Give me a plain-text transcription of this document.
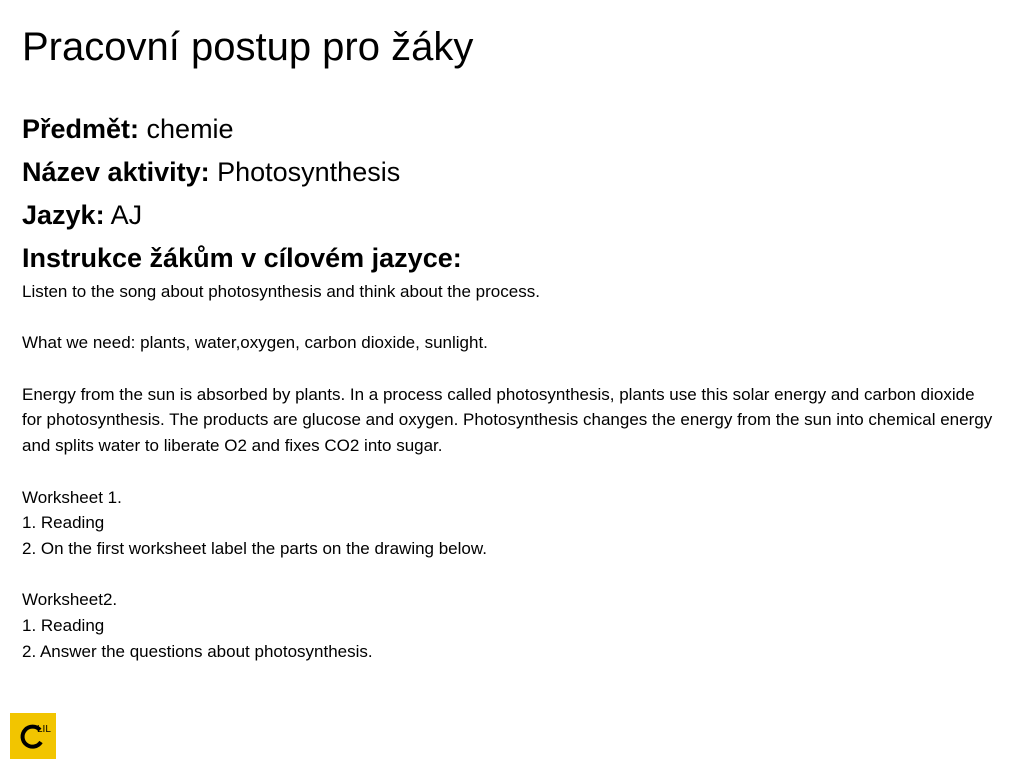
Pracovní postup pro žáky
Předmět: chemie
Název aktivity: Photosynthesis
Jazyk: AJ
Instrukce žákům v cílovém jazyce:

Listen to the song about photosynthesis and think about the process.

What we need: plants, water,oxygen, carbon dioxide, sunlight.

Energy from the sun is absorbed by plants. In a process called photosynthesis, plants use this solar energy and carbon dioxide for photosynthesis. The products are glucose and oxygen. Photosynthesis changes the energy from the sun into chemical energy and splits water to liberate O2 and fixes CO2 into sugar.

Worksheet 1.

1. Reading

2. On the first worksheet label the parts on the drawing below.

Worksheet2.

1. Reading

2. Answer the questions about photosynthesis.

LIL
